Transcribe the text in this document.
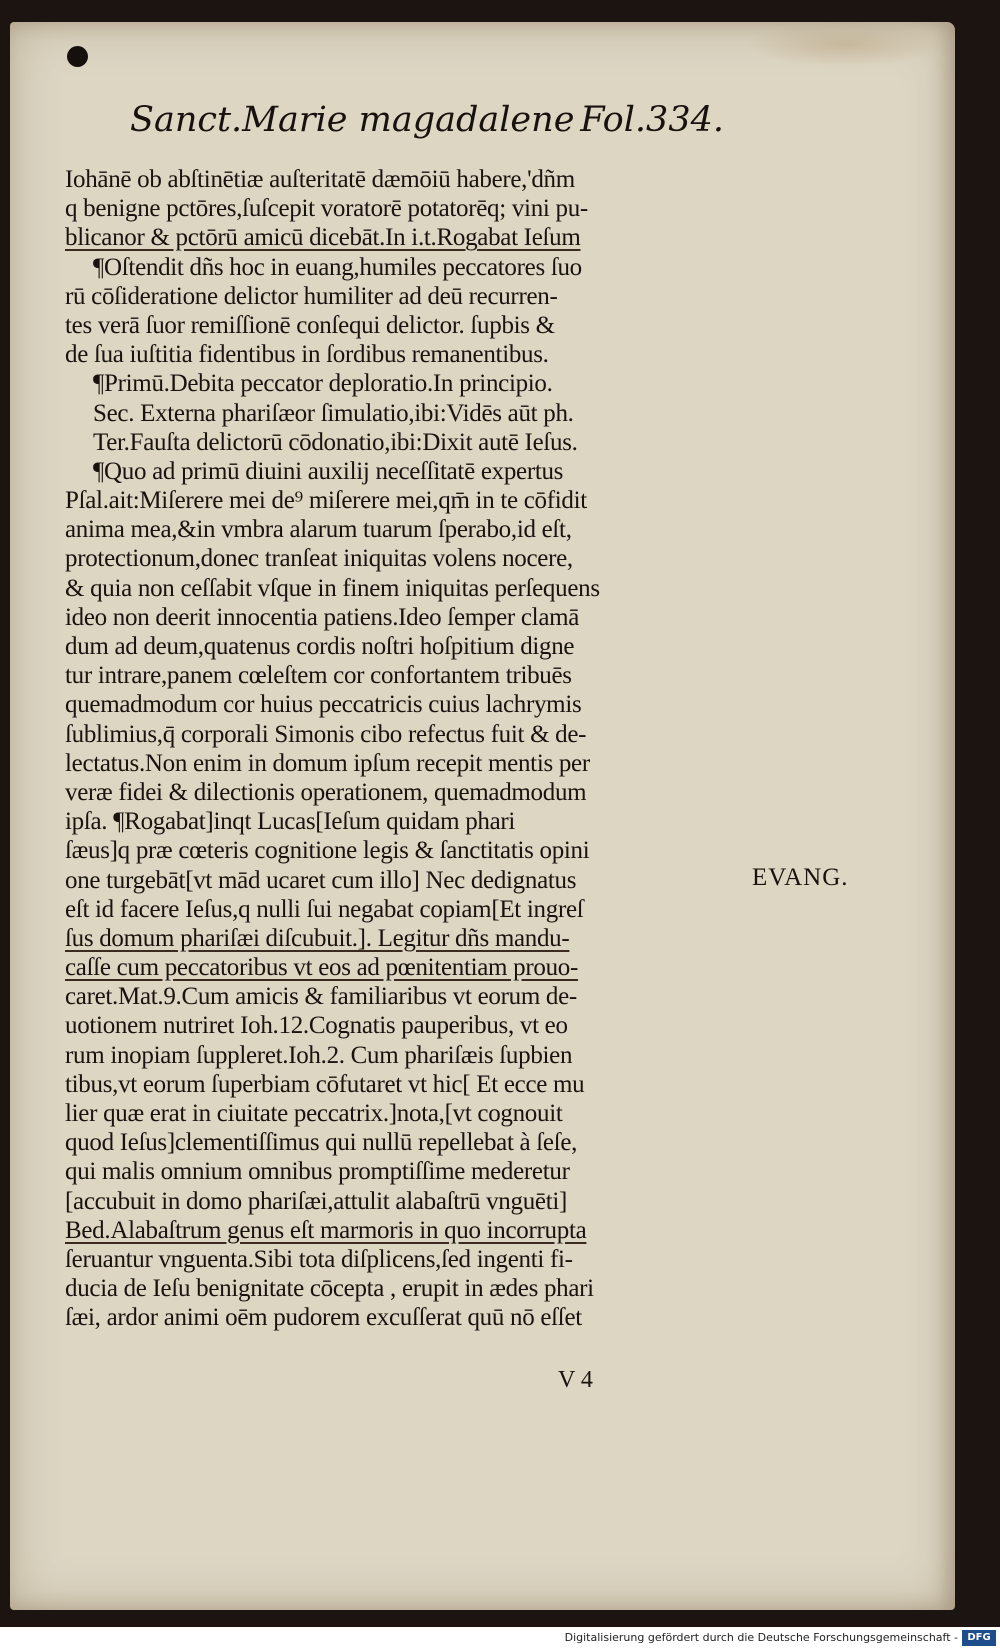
Sanct.Marie magadalene Fol.334.
Iohānē ob abſtinētiæ auſteritatē dæmōiū habere,'dñm
q benigne pctōres,ſuſcepit voratorē potatorēq; vini pu-
blicanor & pctōrū amicū dicebāt.In i.t.Rogabat Ieſum
¶Oſtendit dñs hoc in euang,humiles peccatores ſuo
rū cōſideratione delictor humiliter ad deū recurren-
tes verā ſuor remiſſionē conſequi delictor. ſupbis &
de ſua iuſtitia fidentibus in ſordibus remanentibus.
¶Primū.Debita peccator deploratio.In principio.
Sec. Externa phariſæor ſimulatio,ibi:Vidēs aūt ph.
Ter.Fauſta delictorū cōdonatio,ibi:Dixit autē Ieſus.
¶Quo ad primū diuini auxilij neceſſitatē expertus
Pſal.ait:Miſerere mei de⁹ miſerere mei,qm̄ in te cōfidit
anima mea,&in vmbra alarum tuarum ſperabo,id eſt,
protectionum,donec tranſeat iniquitas volens nocere,
& quia non ceſſabit vſque in finem iniquitas perſequens
ideo non deerit innocentia patiens.Ideo ſemper clamā
dum ad deum,quatenus cordis noſtri hoſpitium digne
tur intrare,panem cœleſtem cor confortantem tribuēs
quemadmodum cor huius peccatricis cuius lachrymis
ſublimius,q̄ corporali Simonis cibo refectus fuit & de-
lectatus.Non enim in domum ipſum recepit mentis per
veræ fidei & dilectionis operationem, quemadmodum
ipſa. ¶Rogabat]inqt Lucas[Ieſum quidam phari
ſæus]q præ cœteris cognitione legis & ſanctitatis opini
one turgebāt[vt mād ucaret cum illo] Nec dedignatus
eſt id facere Ieſus,q nulli ſui negabat copiam[Et ingreſ
ſus domum phariſæi diſcubuit.]. Legitur dñs mandu-
caſſe cum peccatoribus vt eos ad pœnitentiam prouo-
caret.Mat.9.Cum amicis & familiaribus vt eorum de-
uotionem nutriret Ioh.12.Cognatis pauperibus, vt eo
rum inopiam ſuppleret.Ioh.2. Cum phariſæis ſupbien
tibus,vt eorum ſuperbiam cōfutaret vt hic[ Et ecce mu
lier quæ erat in ciuitate peccatrix.]nota,[vt cognouit
quod Ieſus]clementiſſimus qui nullū repellebat à ſeſe,
qui malis omnium omnibus promptiſſime mederetur
[accubuit in domo phariſæi,attulit alabaſtrū vnguēti]
Bed.Alabaſtrum genus eſt marmoris in quo incorrupta
ſeruantur vnguenta.Sibi tota diſplicens,ſed ingenti fi-
ducia de Ieſu benignitate cōcepta , erupit in ædes phari
ſæi, ardor animi oēm pudorem excuſſerat quū nō eſſet
EVANG.
V 4
Digitalisierung gefördert durch die Deutsche Forschungsgemeinschaft - DFG
